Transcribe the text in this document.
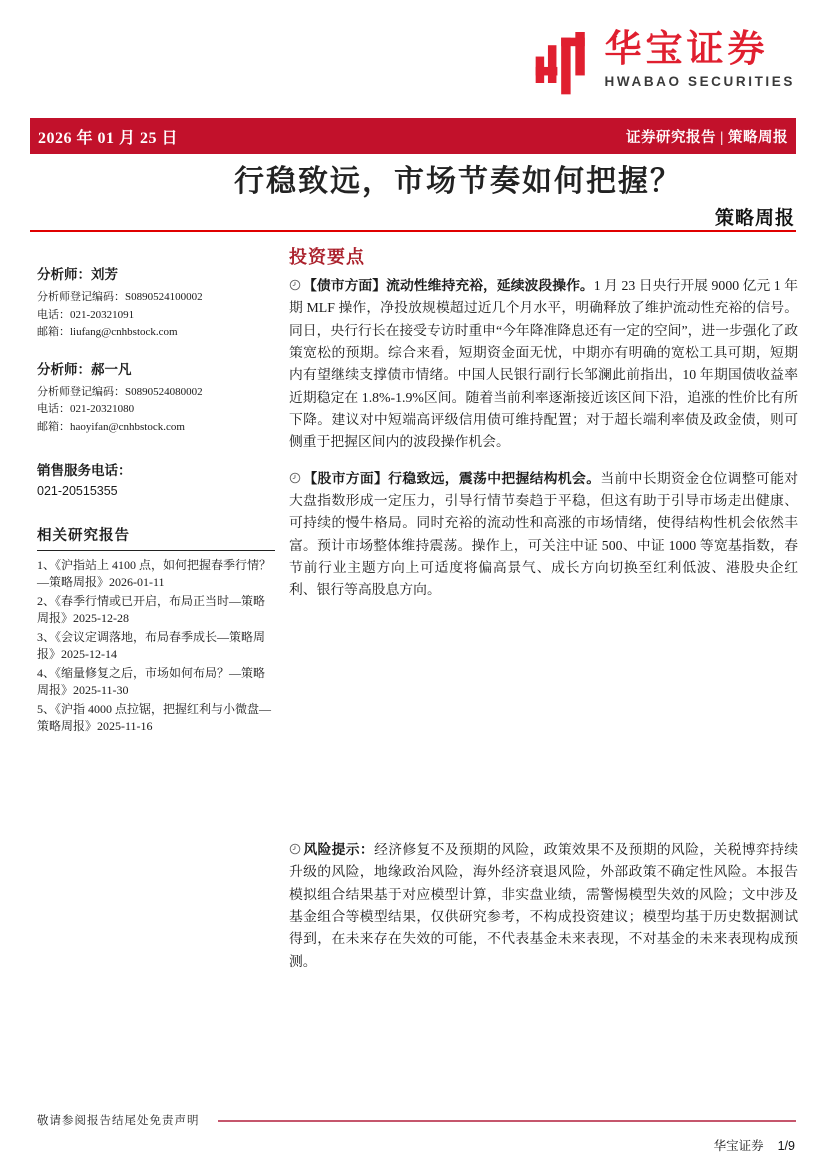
华宝证券
HWABAO SECURITIES
2026 年 01 月 25 日	证券研究报告 | 策略周报
行稳致远，市场节奏如何把握？
策略周报
分析师：刘芳
分析师登记编码：S0890524100002
电话：021-20321091
邮箱：liufang@cnhbstock.com
分析师：郝一凡
分析师登记编码：S0890524080002
电话：021-20321080
邮箱：haoyifan@cnhbstock.com
销售服务电话：
021-20515355
相关研究报告
1、《沪指站上 4100 点，如何把握春季行情？—策略周报》2026-01-11
2、《春季行情或已开启，布局正当时—策略周报》2025-12-28
3、《会议定调落地，布局春季成长—策略周报》2025-12-14
4、《缩量修复之后，市场如何布局？—策略周报》2025-11-30
5、《沪指 4000 点拉锯，把握红利与小微盘—策略周报》2025-11-16
投资要点

【债市方面】流动性维持充裕，延续波段操作。1 月 23 日央行开展 9000 亿元 1 年期 MLF 操作，净投放规模超过近几个月水平，明确释放了维护流动性充裕的信号。同日，央行行长在接受专访时重申“今年降准降息还有一定的空间”，进一步强化了政策宽松的预期。综合来看，短期资金面无忧，中期亦有明确的宽松工具可期，短期内有望继续支撑债市情绪。中国人民银行副行长邹澜此前指出，10 年期国债收益率近期稳定在 1.8%-1.9%区间。随着当前利率逐渐接近该区间下沿，追涨的性价比有所下降。建议对中短端高评级信用债可维持配置；对于超长端利率债及政金债，则可侧重于把握区间内的波段操作机会。

【股市方面】行稳致远，震荡中把握结构机会。当前中长期资金仓位调整可能对大盘指数形成一定压力，引导行情节奏趋于平稳，但这有助于引导市场走出健康、可持续的慢牛格局。同时充裕的流动性和高涨的市场情绪，使得结构性机会依然丰富。预计市场整体维持震荡。操作上，可关注中证 500、中证 1000 等宽基指数，春节前行业主题方向上可适度将偏高景气、成长方向切换至红利低波、港股央企红利、银行等高股息方向。

风险提示：经济修复不及预期的风险，政策效果不及预期的风险，关税博弈持续升级的风险，地缘政治风险，海外经济衰退风险，外部政策不确定性风险。本报告模拟组合结果基于对应模型计算，非实盘业绩，需警惕模型失效的风险；文中涉及基金组合等模型结果，仅供研究参考，不构成投资建议；模型均基于历史数据测试得到，在未来存在失效的可能，不代表基金未来表现，不对基金的未来表现构成预测。

敬请参阅报告结尾处免责声明
华宝证券 1/9
